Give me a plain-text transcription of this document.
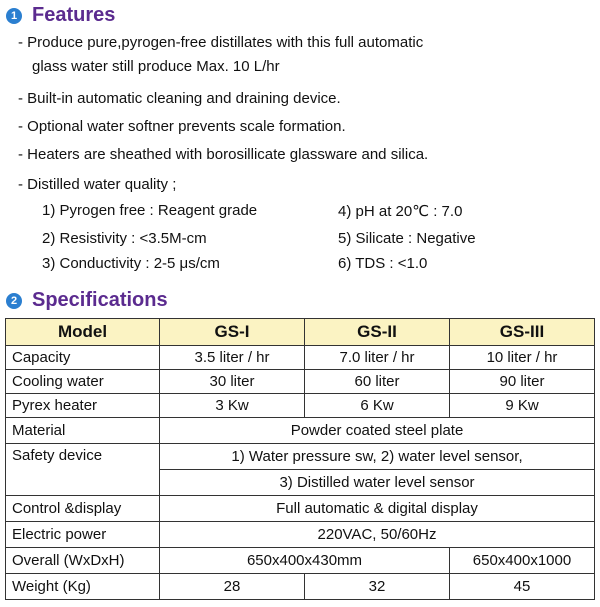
1 Features
- Produce pure,pyrogen-free distillates with this full automatic
glass water still produce Max. 10 L/hr
- Built-in automatic cleaning and draining device.
- Optional water softner prevents scale formation.
- Heaters are sheathed with borosillicate glassware and silica.
- Distilled water quality ;
1) Pyrogen free : Reagent grade
2) Resistivity : <3.5M-cm
3) Conductivity : 2-5 μs/cm
4) pH at 20℃ : 7.0
5) Silicate : Negative
6) TDS : <1.0
2 Specifications
Model	GS-I	GS-II	GS-III
Capacity	3.5 liter / hr	7.0 liter / hr	10 liter / hr
Cooling water	30 liter	60 liter	90 liter
Pyrex heater	3 Kw	6 Kw	9 Kw
Material	Powder coated steel plate		
Safety device	1) Water pressure sw, 2) water level sensor,		
	3) Distilled water level sensor		
Control &display	Full automatic & digital display		
Electric power	220VAC, 50/60Hz		
Overall (WxDxH)	650x400x430mm		650x400x1000
Weight (Kg)	28	32	45
